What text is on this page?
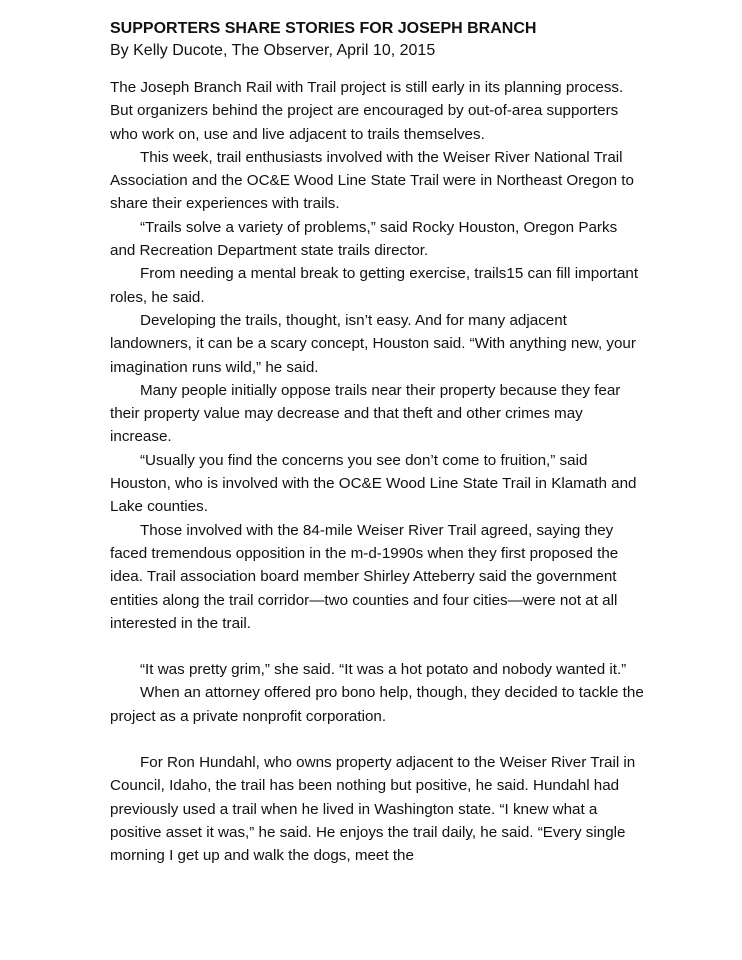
SUPPORTERS SHARE STORIES FOR JOSEPH BRANCH
By Kelly Ducote, The Observer, April 10, 2015

The Joseph Branch Rail with Trail project is still early in its planning process. But organizers behind the project are encouraged by out-of-area supporters who work on, use and live adjacent to trails themselves.

This week, trail enthusiasts involved with the Weiser River National Trail Association and the OC&E Wood Line State Trail were in Northeast Oregon to share their experiences with trails.

“Trails solve a variety of problems,” said Rocky Houston, Oregon Parks and Recreation Department state trails director.

From needing a mental break to getting exercise, trails15 can fill important roles, he said.

Developing the trails, thought, isn’t easy. And for many adjacent landowners, it can be a scary concept, Houston said. “With anything new, your imagination runs wild,” he said.

Many people initially oppose trails near their property because they fear their property value may decrease and that theft and other crimes may increase.

“Usually you find the concerns you see don’t come to fruition,” said Houston, who is involved with the OC&E Wood Line State Trail in Klamath and Lake counties.

Those involved with the 84-mile Weiser River Trail agreed, saying they faced tremendous opposition in the m-d-1990s when they first proposed the idea. Trail association board member Shirley Atteberry said the government entities along the trail corridor—two counties and four cities—were not at all interested in the trail.

“It was pretty grim,” she said. “It was a hot potato and nobody wanted it.”

When an attorney offered pro bono help, though, they decided to tackle the project as a private nonprofit corporation.

For Ron Hundahl, who owns property adjacent to the Weiser River Trail in Council, Idaho, the trail has been nothing but positive, he said. Hundahl had previously used a trail when he lived in Washington state. “I knew what a positive asset it was,” he said. He enjoys the trail daily, he said. “Every single morning I get up and walk the dogs, meet the
